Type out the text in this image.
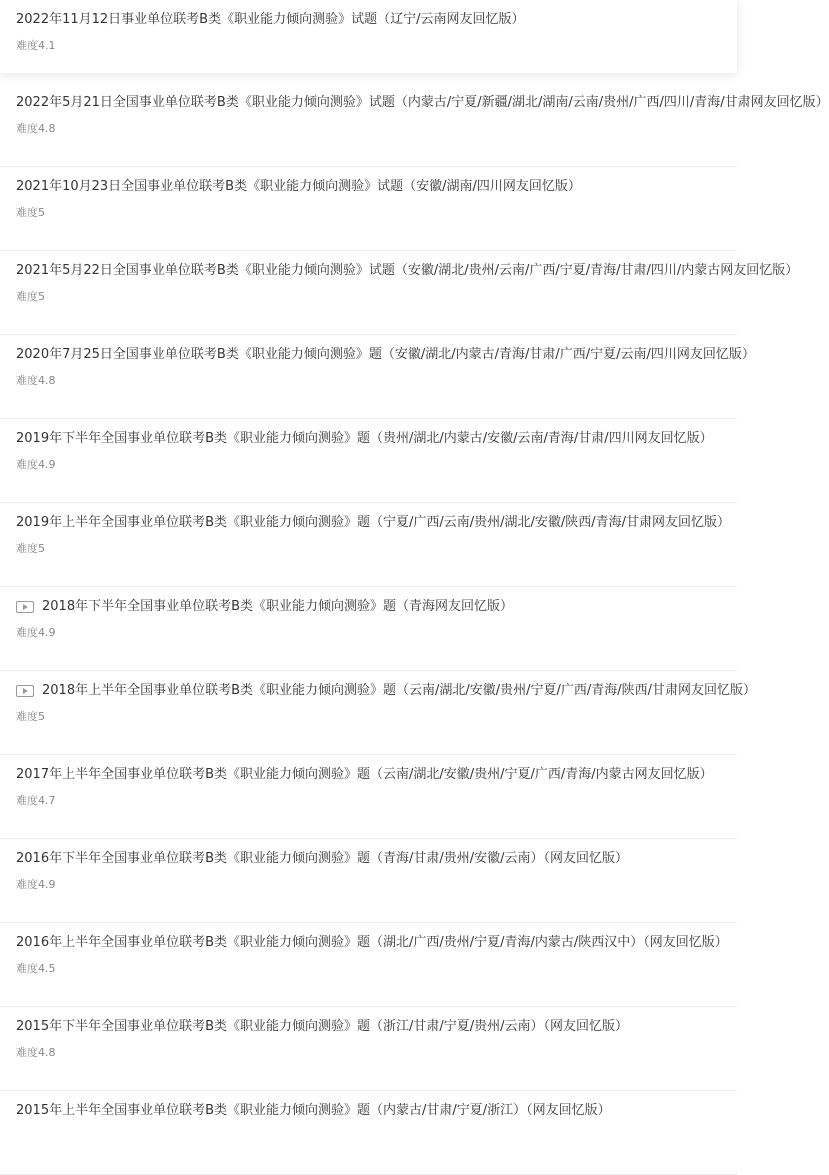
2022年11月12日事业单位联考B类《职业能力倾向测验》试题（辽宁/云南网友回忆版）
难度4.1
2022年5月21日全国事业单位联考B类《职业能力倾向测验》试题（内蒙古/宁夏/新疆/湖北/湖南/云南/贵州/广西/四川/青海/甘肃网友回忆版）
难度4.8
2021年10月23日全国事业单位联考B类《职业能力倾向测验》试题（安徽/湖南/四川网友回忆版）
难度5
2021年5月22日全国事业单位联考B类《职业能力倾向测验》试题（安徽/湖北/贵州/云南/广西/宁夏/青海/甘肃/四川/内蒙古网友回忆版）
难度5
2020年7月25日全国事业单位联考B类《职业能力倾向测验》题（安徽/湖北/内蒙古/青海/甘肃/广西/宁夏/云南/四川网友回忆版）
难度4.8
2019年下半年全国事业单位联考B类《职业能力倾向测验》题（贵州/湖北/内蒙古/安徽/云南/青海/甘肃/四川网友回忆版）
难度4.9
2019年上半年全国事业单位联考B类《职业能力倾向测验》题（宁夏/广西/云南/贵州/湖北/安徽/陕西/青海/甘肃网友回忆版）
难度5
2018年下半年全国事业单位联考B类《职业能力倾向测验》题（青海网友回忆版）
难度4.9
2018年上半年全国事业单位联考B类《职业能力倾向测验》题（云南/湖北/安徽/贵州/宁夏/广西/青海/陕西/甘肃网友回忆版）
难度5
2017年上半年全国事业单位联考B类《职业能力倾向测验》题（云南/湖北/安徽/贵州/宁夏/广西/青海/内蒙古网友回忆版）
难度4.7
2016年下半年全国事业单位联考B类《职业能力倾向测验》题（青海/甘肃/贵州/安徽/云南）（网友回忆版）
难度4.9
2016年上半年全国事业单位联考B类《职业能力倾向测验》题（湖北/广西/贵州/宁夏/青海/内蒙古/陕西汉中）（网友回忆版）
难度4.5
2015年下半年全国事业单位联考B类《职业能力倾向测验》题（浙江/甘肃/宁夏/贵州/云南）（网友回忆版）
难度4.8
2015年上半年全国事业单位联考B类《职业能力倾向测验》题（内蒙古/甘肃/宁夏/浙江）（网友回忆版）
